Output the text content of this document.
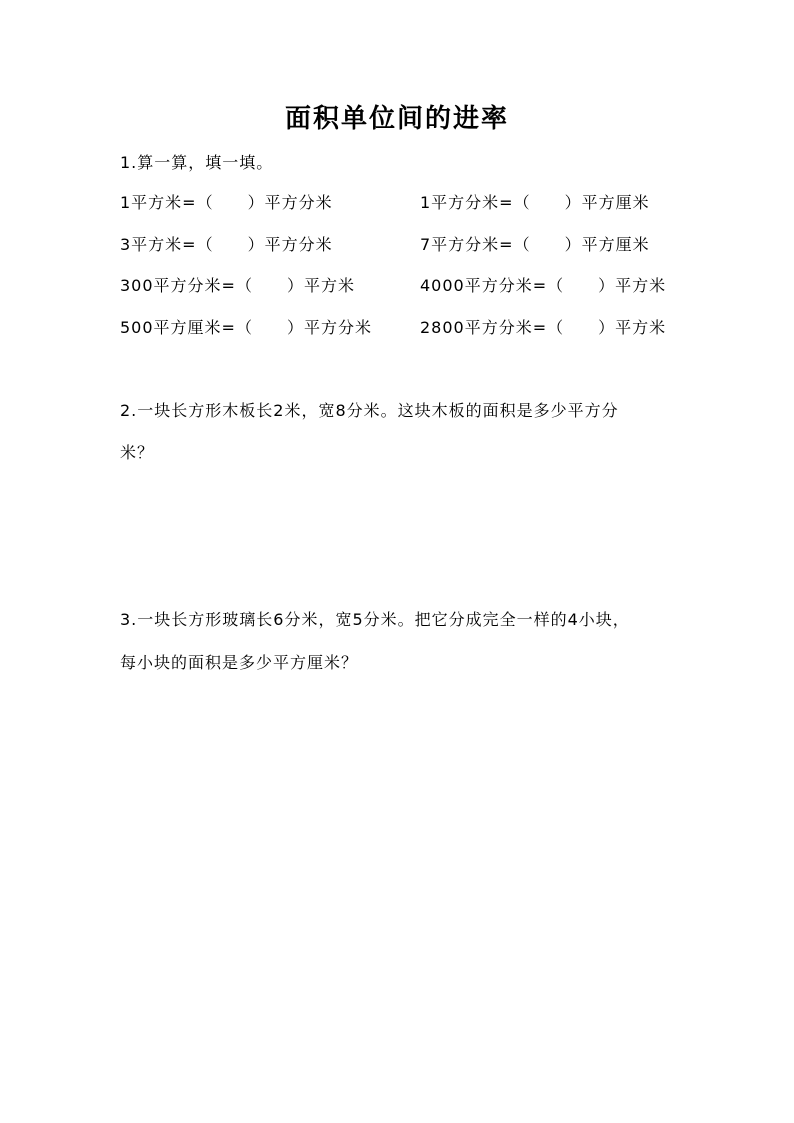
面积单位间的进率
1.算一算，填一填。
1平方米=（　　）平方分米	1平方分米=（　　）平方厘米
3平方米=（　　）平方分米	7平方分米=（　　）平方厘米
300平方分米=（　　）平方米	4000平方分米=（　　）平方米
500平方厘米=（　　）平方分米	2800平方分米=（　　）平方米
2.一块长方形木板长2米，宽8分米。这块木板的面积是多少平方分
米？
3.一块长方形玻璃长6分米，宽5分米。把它分成完全一样的4小块，
每小块的面积是多少平方厘米？
